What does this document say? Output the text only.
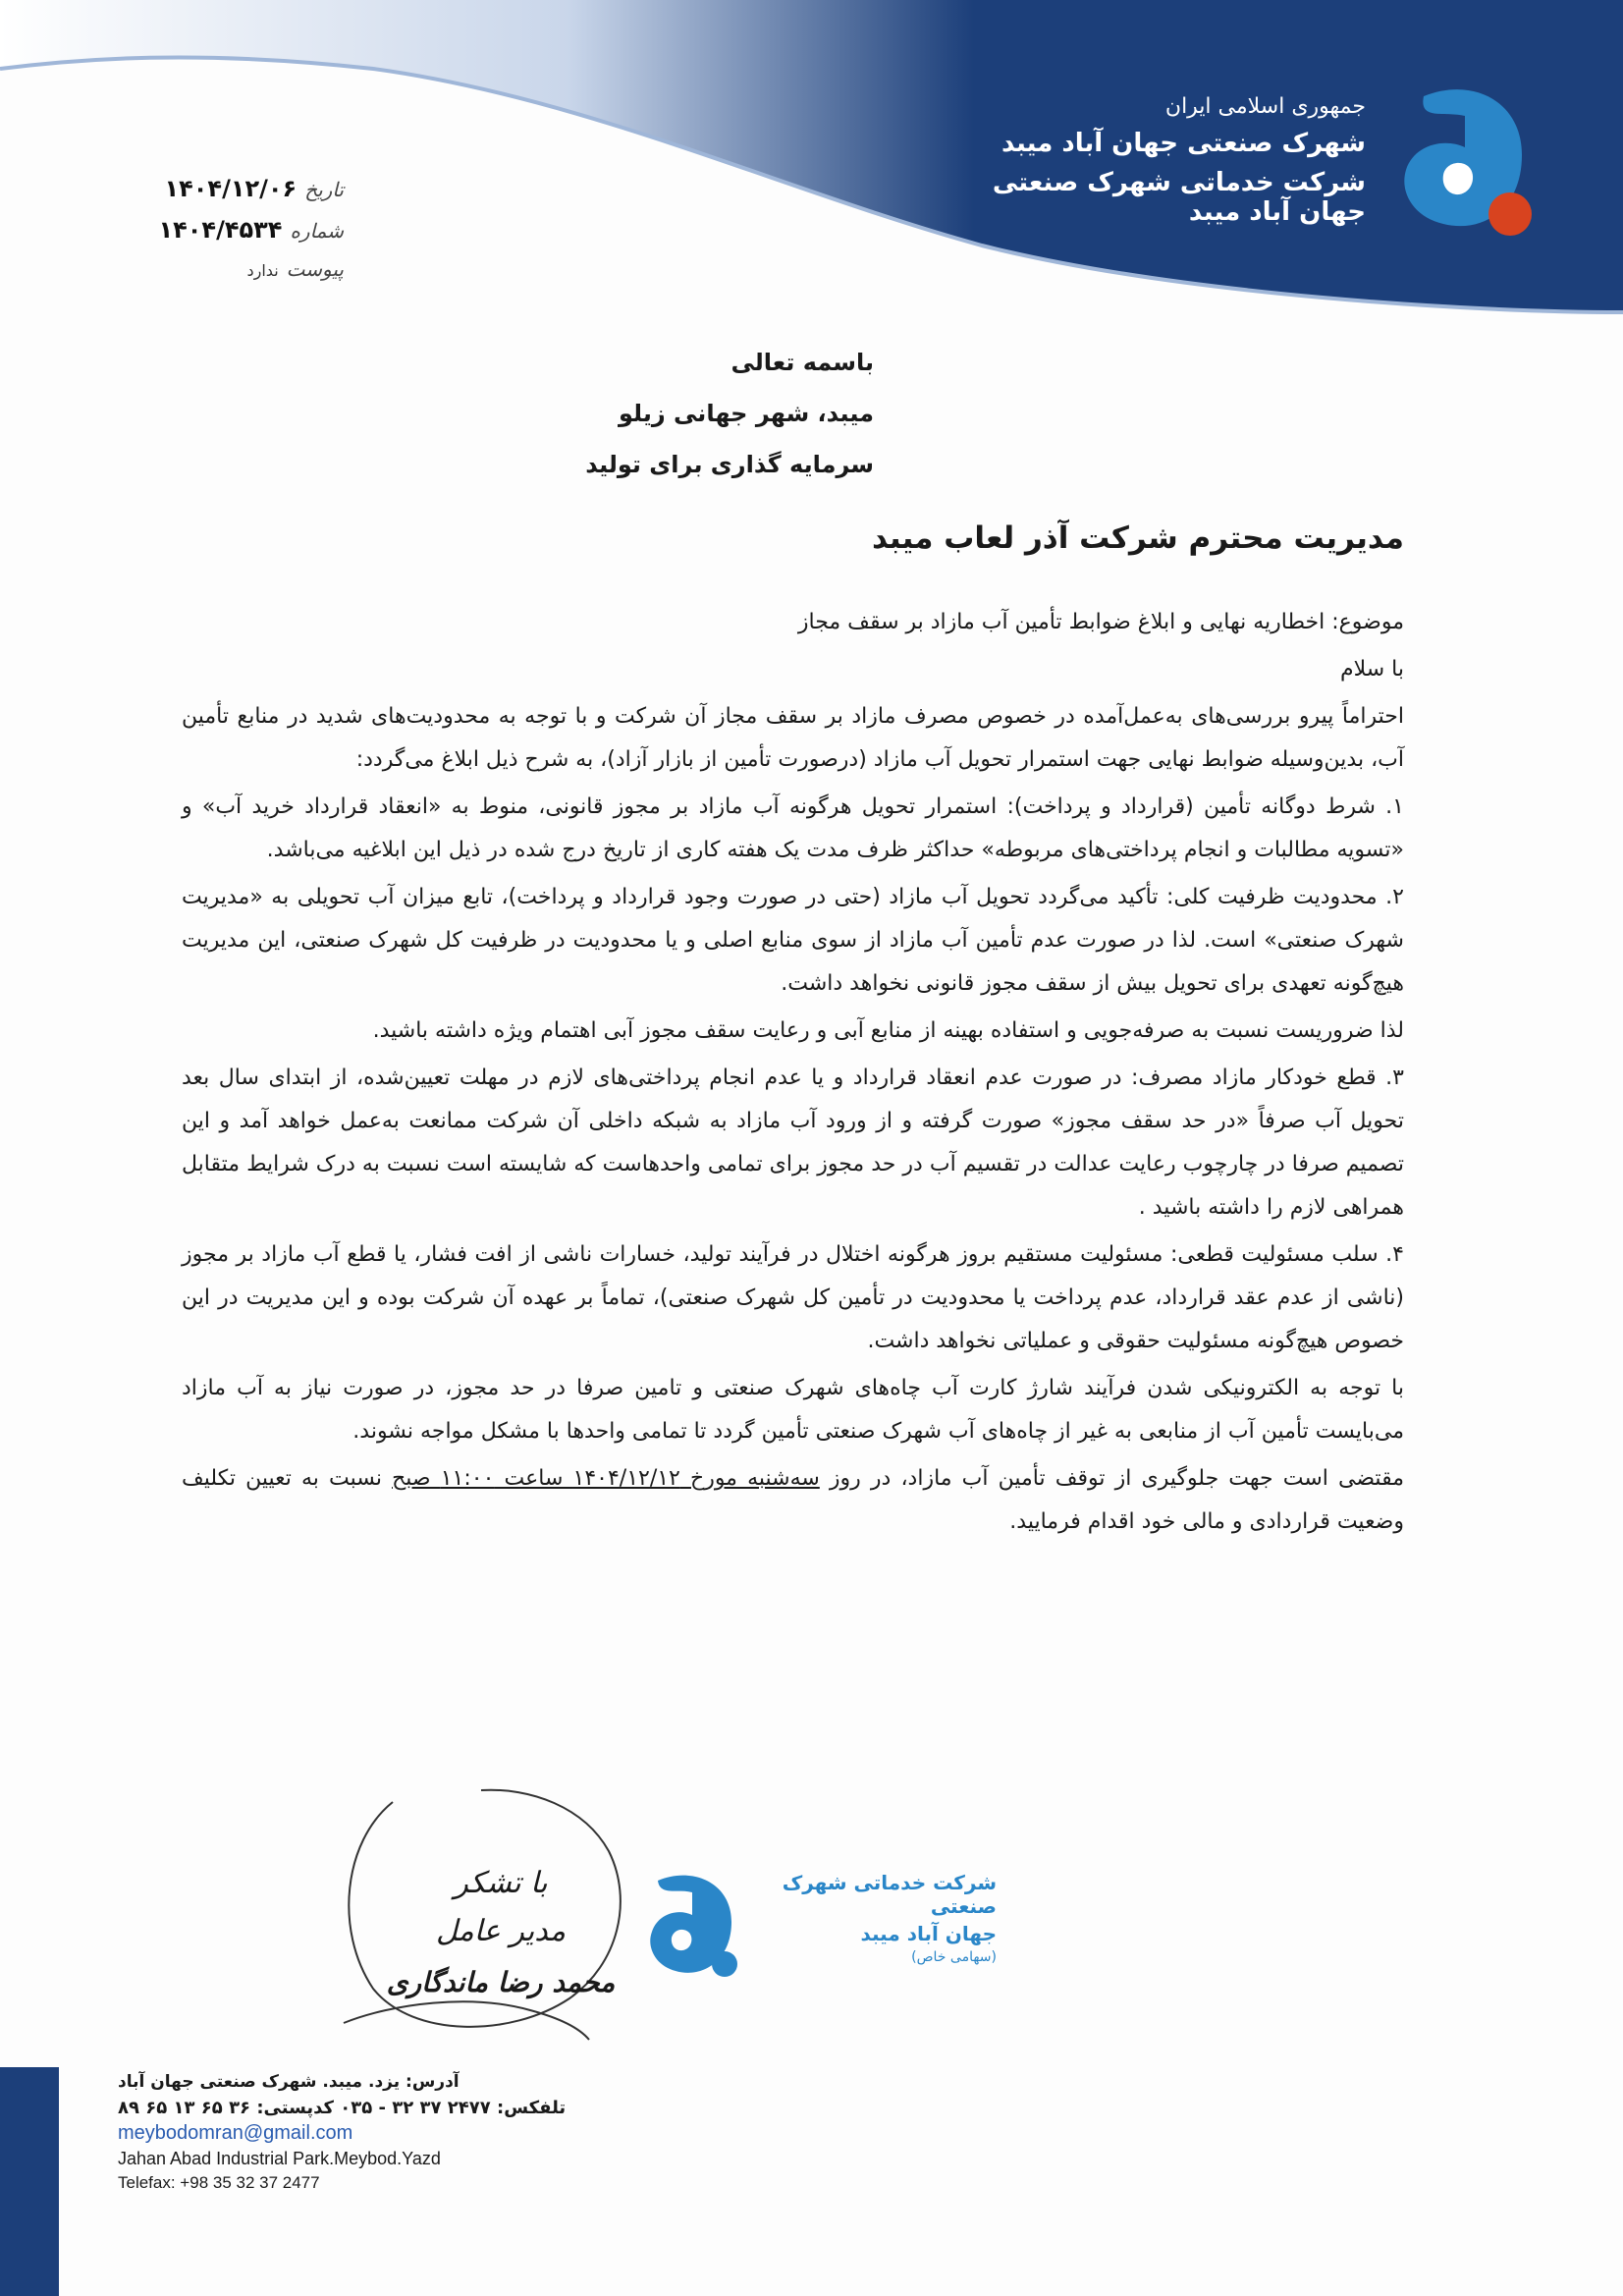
جمهوری اسلامی ایران

شهرک صنعتی جهان آباد میبد

شرکت خدماتی شهرک صنعتی جهان آباد میبد

تاریخ
۱۴۰۴/۱۲/۰۶
شماره
۱۴۰۴/۴۵۳۴
پیوست
ندارد

باسمه تعالی

میبد، شهر جهانی زیلو

سرمایه گذاری برای تولید

مدیریت محترم شرکت آذر لعاب میبد

موضوع: اخطاریه نهایی و ابلاغ ضوابط تأمین آب مازاد بر سقف مجاز

با سلام

احتراماً پیرو بررسی‌های به‌عمل‌آمده در خصوص مصرف مازاد بر سقف مجاز آن شرکت و با توجه به محدودیت‌های شدید در منابع تأمین آب، بدین‌وسیله ضوابط نهایی جهت استمرار تحویل آب مازاد (درصورت تأمین از بازار آزاد)، به شرح ذیل ابلاغ می‌گردد:

۱. شرط دوگانه تأمین (قرارداد و پرداخت): استمرار تحویل هرگونه آب مازاد بر مجوز قانونی، منوط به «انعقاد قرارداد خرید آب» و «تسویه مطالبات و انجام پرداختی‌های مربوطه» حداکثر ظرف مدت یک هفته کاری از تاریخ درج شده در ذیل این ابلاغیه می‌باشد.

۲. محدودیت ظرفیت کلی: تأکید می‌گردد تحویل آب مازاد (حتی در صورت وجود قرارداد و پرداخت)، تابع میزان آب تحویلی به «مدیریت شهرک صنعتی» است. لذا در صورت عدم تأمین آب مازاد از سوی منابع اصلی و یا محدودیت در ظرفیت کل شهرک صنعتی، این مدیریت هیچ‌گونه تعهدی برای تحویل بیش از سقف مجوز قانونی نخواهد داشت.

لذا ضروریست نسبت به صرفه‌جویی و استفاده بهینه از منابع آبی و رعایت سقف مجوز آبی اهتمام ویژه داشته باشید.

۳. قطع خودکار مازاد مصرف: در صورت عدم انعقاد قرارداد و یا عدم انجام پرداختی‌های لازم در مهلت تعیین‌شده، از ابتدای سال بعد تحویل آب صرفاً «در حد سقف مجوز» صورت گرفته و از ورود آب مازاد به شبکه داخلی آن شرکت ممانعت به‌عمل خواهد آمد و این تصمیم صرفا در چارچوب رعایت عدالت در تقسیم آب در حد مجوز برای تمامی واحدهاست که شایسته است نسبت به درک شرایط متقابل همراهی لازم را داشته باشید .

۴. سلب مسئولیت قطعی: مسئولیت مستقیم بروز هرگونه اختلال در فرآیند تولید، خسارات ناشی از افت فشار، یا قطع آب مازاد بر مجوز (ناشی از عدم عقد قرارداد، عدم پرداخت یا محدودیت در تأمین کل شهرک صنعتی)، تماماً بر عهده آن شرکت بوده و این مدیریت در این خصوص هیچ‌گونه مسئولیت حقوقی و عملیاتی نخواهد داشت.

با توجه به الکترونیکی شدن فرآیند شارژ کارت آب چاه‌های شهرک صنعتی و تامین صرفا در حد مجوز، در صورت نیاز به آب مازاد می‌بایست تأمین آب از منابعی به غیر از چاه‌های آب شهرک صنعتی تأمین گردد تا تمامی واحدها با مشکل مواجه نشوند.

مقتضی است جهت جلوگیری از توقف تأمین آب مازاد، در روز سه‌شنبه مورخ ۱۴۰۴/۱۲/۱۲ ساعت ۱۱:۰۰ صبح نسبت به تعیین تکلیف وضعیت قراردادی و مالی خود اقدام فرمایید.

با تشکر

مدیر عامل

محمد رضا ماندگاری

شرکت خدماتی شهرک صنعتی

جهان آباد میبد

(سهامی خاص)

آدرس: یزد. میبد. شهرک صنعتی جهان آباد

تلفکس: ۲۴۷۷ ۳۷ ۳۲ - ۰۳۵ کدپستی: ۳۶ ۶۵ ۱۳ ۶۵ ۸۹

meybodomran@gmail.com

Jahan Abad Industrial Park.Meybod.Yazd

Telefax: +98 35 32 37 2477
